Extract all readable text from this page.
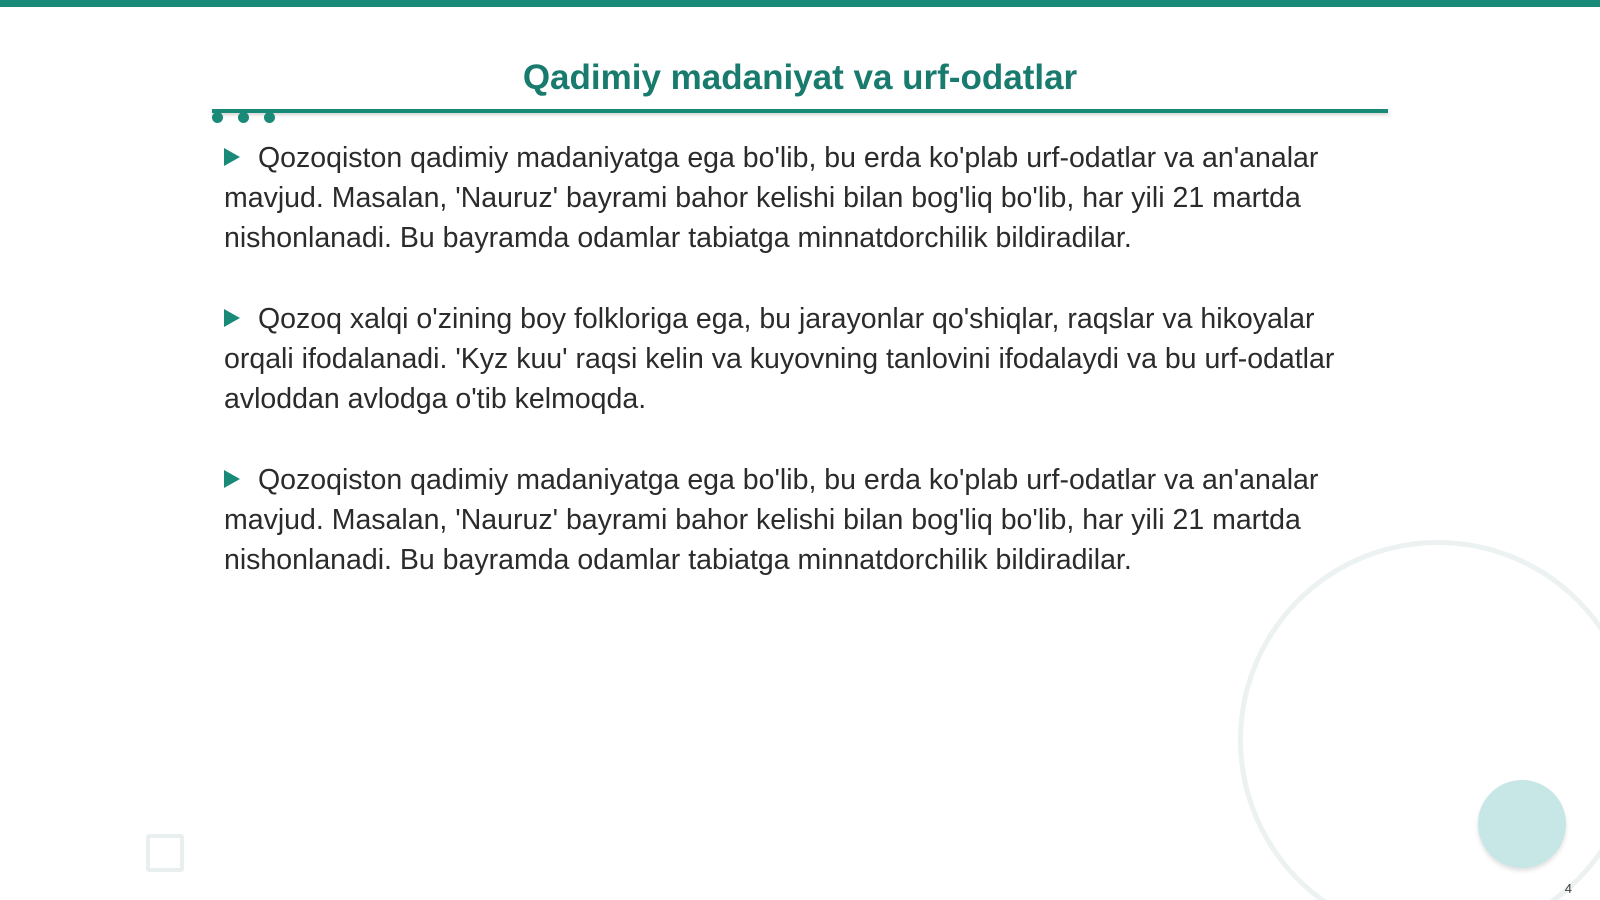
Qadimiy madaniyat va urf-odatlar
Qozoqiston qadimiy madaniyatga ega bo'lib, bu erda ko'plab urf-odatlar va an'analar mavjud. Masalan, 'Nauruz' bayrami bahor kelishi bilan bog'liq bo'lib, har yili 21 martda nishonlanadi. Bu bayramda odamlar tabiatga minnatdorchilik bildiradilar.
Qozoq xalqi o'zining boy folkloriga ega, bu jarayonlar qo'shiqlar, raqslar va hikoyalar orqali ifodalanadi. 'Kyz kuu' raqsi kelin va kuyovning tanlovini ifodalaydi va bu urf-odatlar avloddan avlodga o'tib kelmoqda.
Qozoqiston qadimiy madaniyatga ega bo'lib, bu erda ko'plab urf-odatlar va an'analar mavjud. Masalan, 'Nauruz' bayrami bahor kelishi bilan bog'liq bo'lib, har yili 21 martda nishonlanadi. Bu bayramda odamlar tabiatga minnatdorchilik bildiradilar.
4
